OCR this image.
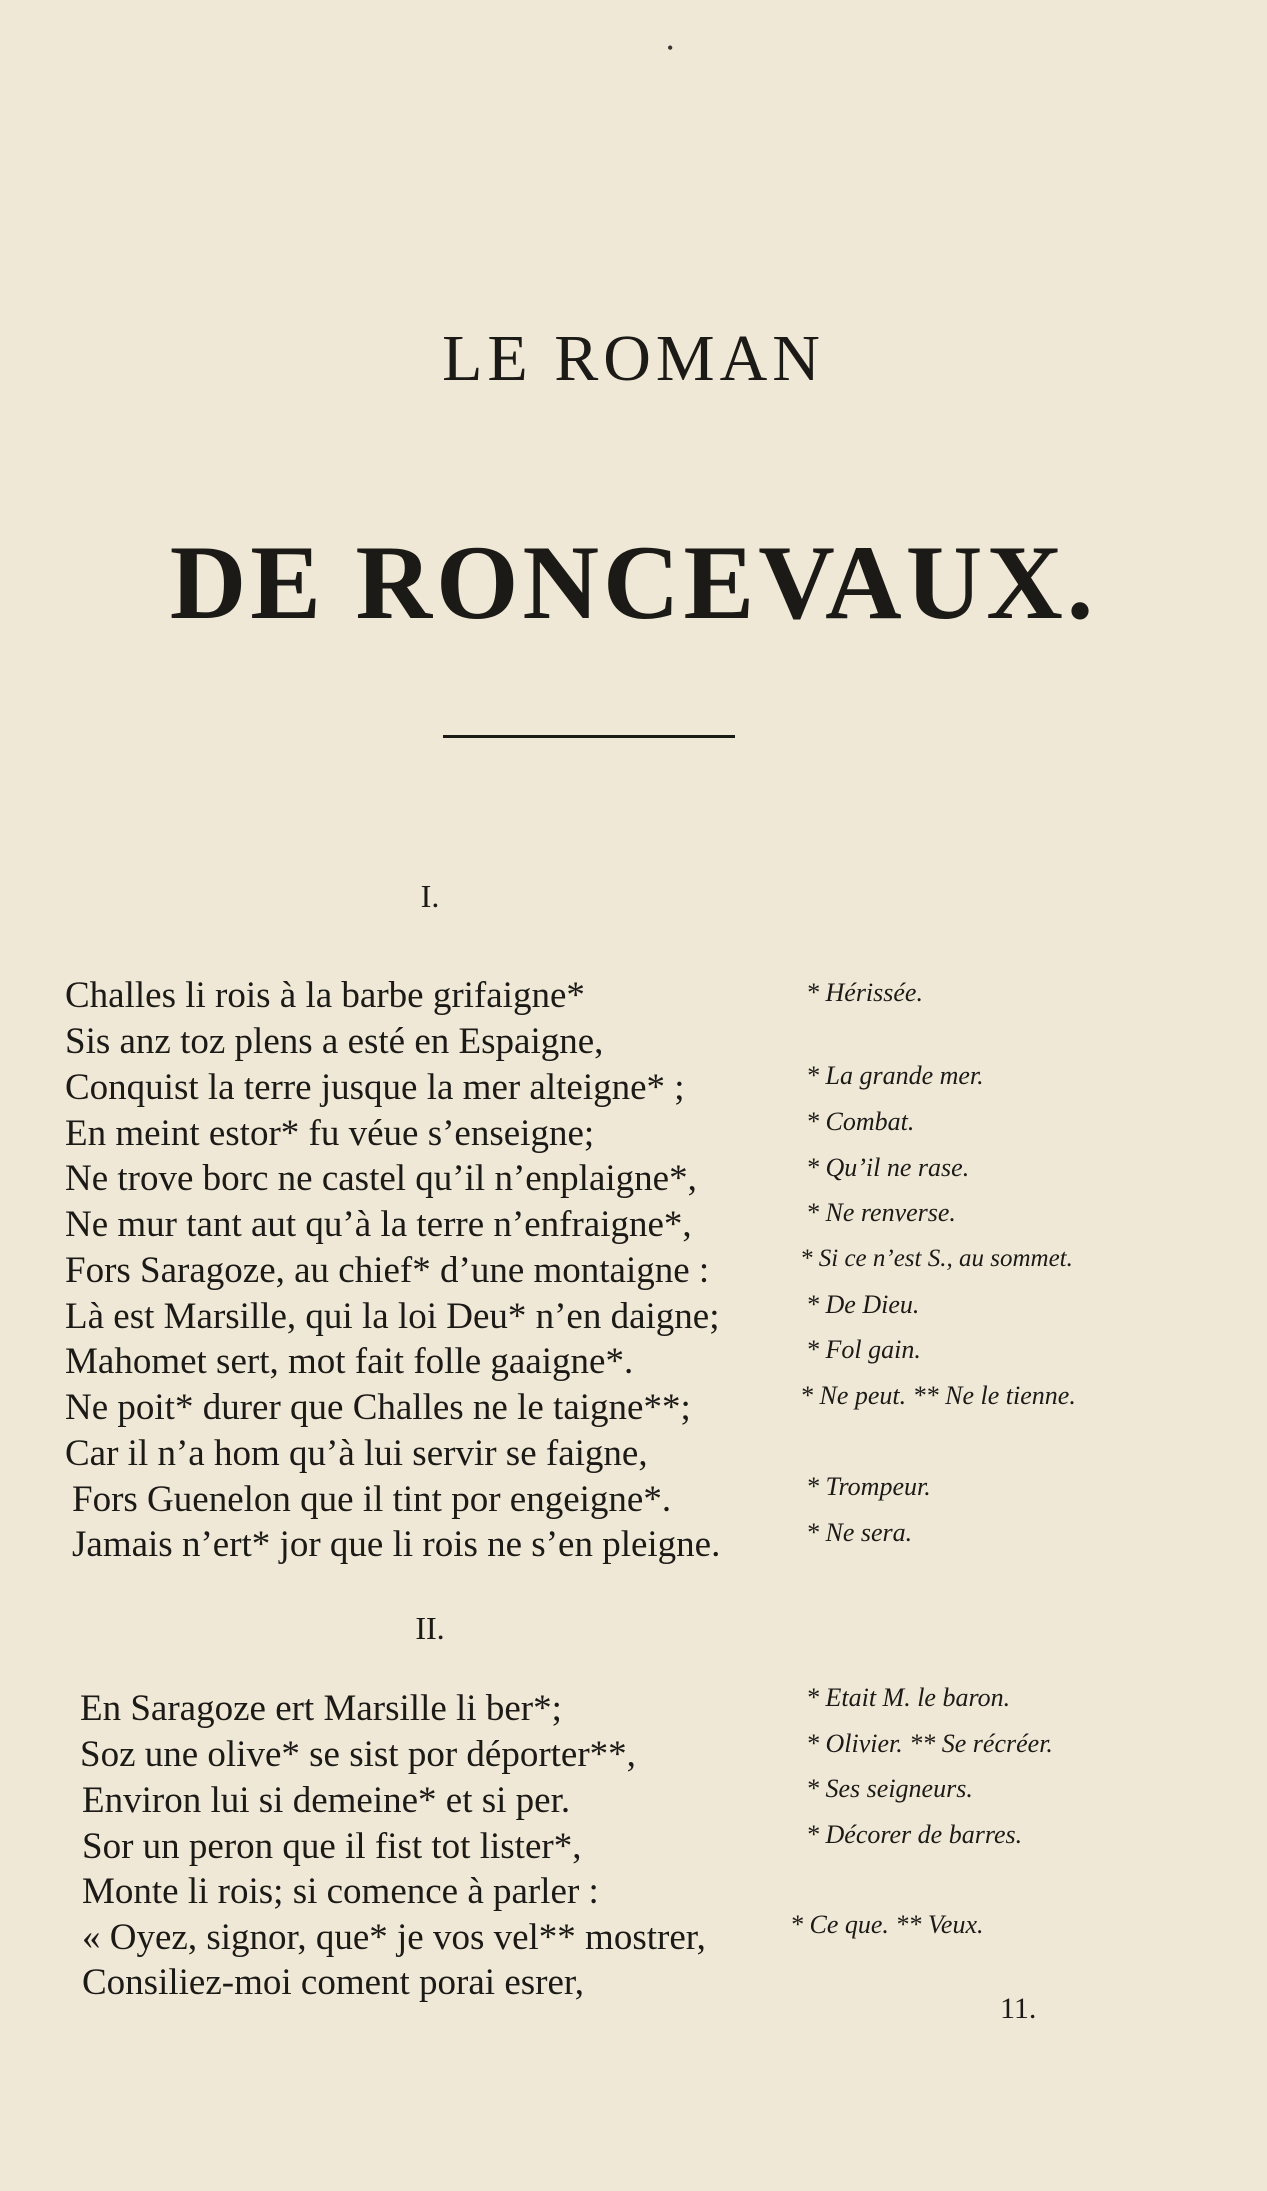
•
LE ROMAN
DE RONCEVAUX.
I.
Challes li rois à la barbe grifaigne*
Sis anz toz plens a esté en Espaigne,
Conquist la terre jusque la mer alteigne* ;
En meint estor* fu véue s’enseigne;
Ne trove borc ne castel qu’il n’enplaigne*,
Ne mur tant aut qu’à la terre n’enfraigne*,
Fors Saragoze, au chief* d’une montaigne :
Là est Marsille, qui la loi Deu* n’en daigne;
Mahomet sert, mot fait folle gaaigne*.
Ne poit* durer que Challes ne le taigne**;
Car il n’a hom qu’à lui servir se faigne,
Fors Guenelon que il tint por engeigne*.
Jamais n’ert* jor que li rois ne s’en pleigne.
* Hérissée.
* La grande mer.
* Combat.
* Qu’il ne rase.
* Ne renverse.
* Si ce n’est S., au sommet.
* De Dieu.
* Fol gain.
* Ne peut. ** Ne le tienne.
* Trompeur.
* Ne sera.
II.
En Saragoze ert Marsille li ber*;
Soz une olive* se sist por déporter**,
Environ lui si demeine* et si per.
Sor un peron que il fist tot lister*,
Monte li rois; si comence à parler :
« Oyez, signor, que* je vos vel** mostrer,
Consiliez-moi coment porai esrer,
* Etait M. le baron.
* Olivier. ** Se récréer.
* Ses seigneurs.
* Décorer de barres.
* Ce que. ** Veux.
11.
